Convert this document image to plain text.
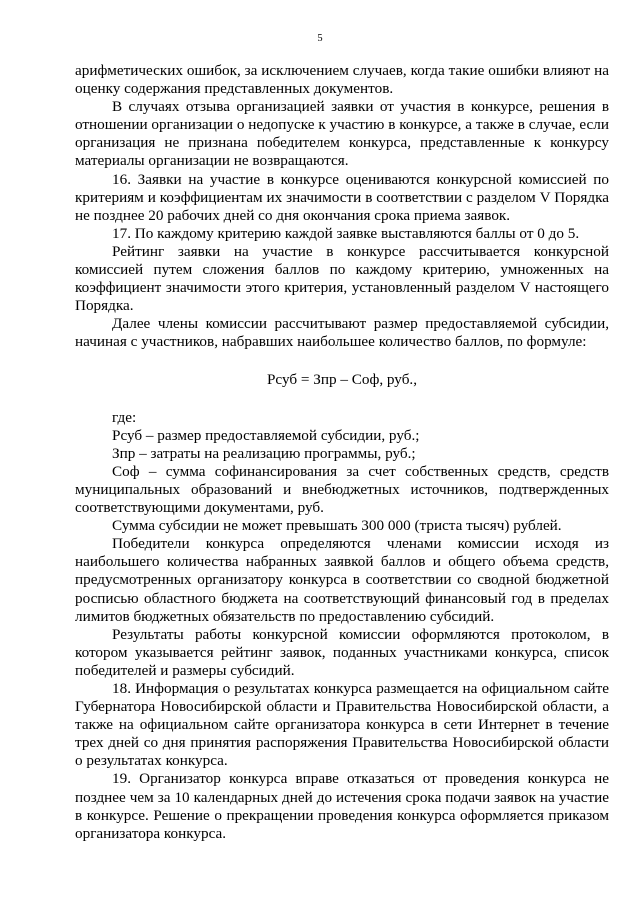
5

арифметических ошибок, за исключением случаев, когда такие ошибки влияют на оценку содержания представленных документов.

В случаях отзыва организацией заявки от участия в конкурсе, решения в отношении организации о недопуске к участию в конкурсе, а также в случае, если организация не признана победителем конкурса, представленные к конкурсу материалы организации не возвращаются.

16. Заявки на участие в конкурсе оцениваются конкурсной комиссией по критериям и коэффициентам их значимости в соответствии с разделом V Порядка не позднее 20 рабочих дней со дня окончания срока приема заявок.

17. По каждому критерию каждой заявке выставляются баллы от 0 до 5.

Рейтинг заявки на участие в конкурсе рассчитывается конкурсной комиссией путем сложения баллов по каждому критерию, умноженных на коэффициент значимости этого критерия, установленный разделом V настоящего Порядка.

Далее члены комиссии рассчитывают размер предоставляемой субсидии, начиная с участников, набравших наибольшее количество баллов, по формуле:

Рсуб = Зпр – Соф, руб.,

где:

Рсуб – размер предоставляемой субсидии, руб.;

Зпр – затраты на реализацию программы, руб.;

Соф – сумма софинансирования за счет собственных средств, средств муниципальных образований и внебюджетных источников, подтвержденных соответствующими документами, руб.

Сумма субсидии не может превышать 300 000 (триста тысяч) рублей.

Победители конкурса определяются членами комиссии исходя из наибольшего количества набранных заявкой баллов и общего объема средств, предусмотренных организатору конкурса в соответствии со сводной бюджетной росписью областного бюджета на соответствующий финансовый год в пределах лимитов бюджетных обязательств по предоставлению субсидий.

Результаты работы конкурсной комиссии оформляются протоколом, в котором указывается рейтинг заявок, поданных участниками конкурса, список победителей и размеры субсидий.

18. Информация о результатах конкурса размещается на официальном сайте Губернатора Новосибирской области и Правительства Новосибирской области, а также на официальном сайте организатора конкурса в сети Интернет в течение трех дней со дня принятия распоряжения Правительства Новосибирской области о результатах конкурса.

19. Организатор конкурса вправе отказаться от проведения конкурса не позднее чем за 10 календарных дней до истечения срока подачи заявок на участие в конкурсе. Решение о прекращении проведения конкурса оформляется приказом организатора конкурса.
